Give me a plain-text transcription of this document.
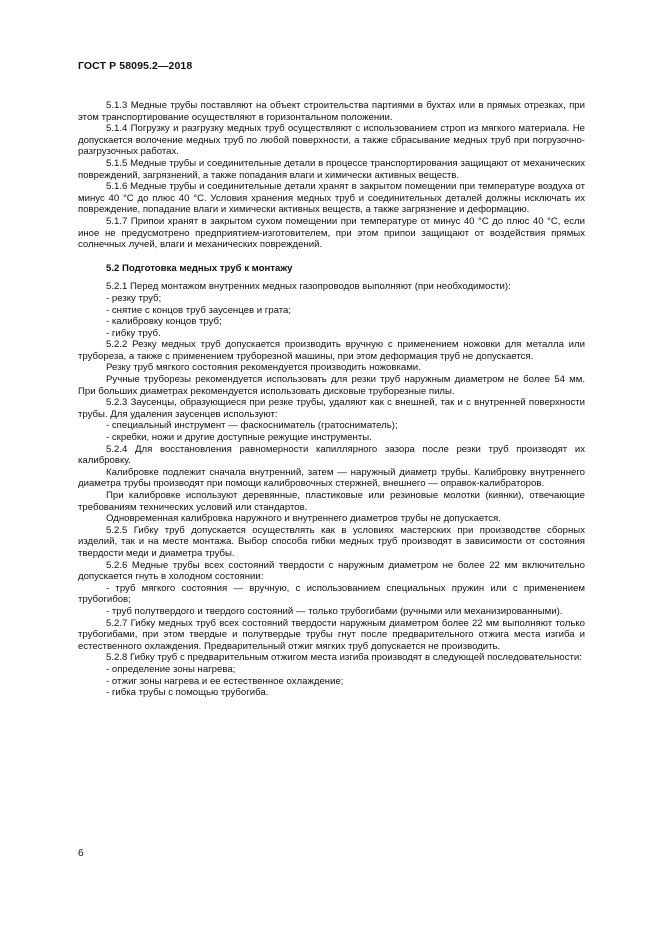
ГОСТ Р 58095.2—2018

5.1.3 Медные трубы поставляют на объект строительства партиями в бухтах или в прямых отрезках, при этом транспортирование осуществляют в горизонтальном положении.

5.1.4 Погрузку и разгрузку медных труб осуществляют с использованием строп из мягкого материала. Не допускается волочение медных труб по любой поверхности, а также сбрасывание медных труб при погрузочно-разгрузочных работах.

5.1.5 Медные трубы и соединительные детали в процессе транспортирования защищают от механических повреждений, загрязнений, а также попадания влаги и химически активных веществ.

5.1.6 Медные трубы и соединительные детали хранят в закрытом помещении при температуре воздуха от минус 40 °С до плюс 40 °С. Условия хранения медных труб и соединительных деталей должны исключать их повреждение, попадание влаги и химически активных веществ, а также загрязнение и деформацию.

5.1.7 Припои хранят в закрытом сухом помещении при температуре от минус 40 °С до плюс 40 °С, если иное не предусмотрено предприятием-изготовителем, при этом припои защищают от воздействия прямых солнечных лучей, влаги и механических повреждений.

5.2 Подготовка медных труб к монтажу

5.2.1 Перед монтажом внутренних медных газопроводов выполняют (при необходимости):

- резку труб;

- снятие с концов труб заусенцев и грата;

- калибровку концов труб;

- гибку труб.

5.2.2 Резку медных труб допускается производить вручную с применением ножовки для металла или труборезa, а также с применением труборезной машины, при этом деформация труб не допускается.

Резку труб мягкого состояния рекомендуется производить ножовками.

Ручные труборезы рекомендуется использовать для резки труб наружным диаметром не более 54 мм. При больших диаметрах рекомендуется использовать дисковые труборезные пилы.

5.2.3 Заусенцы, образующиеся при резке трубы, удаляют как с внешней, так и с внутренней поверхности трубы. Для удаления заусенцев используют:

- специальный инструмент — фаскосниматель (гратосниматель);

- скребки, ножи и другие доступные режущие инструменты.

5.2.4 Для восстановления равномерности капиллярного зазора после резки труб производят их калибровку.

Калибровке подлежит сначала внутренний, затем — наружный диаметр трубы. Калибровку внутреннего диаметра трубы производят при помощи калибровочных стержней, внешнего — оправок-калибраторов.

При калибровке используют деревянные, пластиковые или резиновые молотки (киянки), отвечающие требованиям технических условий или стандартов.

Одновременная калибровка наружного и внутреннего диаметров трубы не допускается.

5.2.5 Гибку труб допускается осуществлять как в условиях мастерских при производстве сборных изделий, так и на месте монтажа. Выбор способа гибки медных труб производят в зависимости от состояния твердости меди и диаметра трубы.

5.2.6 Медные трубы всех состояний твердости с наружным диаметром не более 22 мм включительно допускается гнуть в холодном состоянии:

- труб мягкого состояния — вручную, с использованием специальных пружин или с применением трубогибов;

- труб полутвердого и твердого состояний — только трубогибами (ручными или механизированными).

5.2.7 Гибку медных труб всех состояний твердости наружным диаметром более 22 мм выполняют только трубогибами, при этом твердые и полутвердые трубы гнут после предварительного отжига места изгиба и естественного охлаждения. Предварительный отжиг мягких труб допускается не производить.

5.2.8 Гибку труб с предварительным отжигом места изгиба производят в следующей последовательности:

- определение зоны нагрева;

- отжиг зоны нагрева и ее естественное охлаждение;

- гибка трубы с помощью трубогиба.

6
